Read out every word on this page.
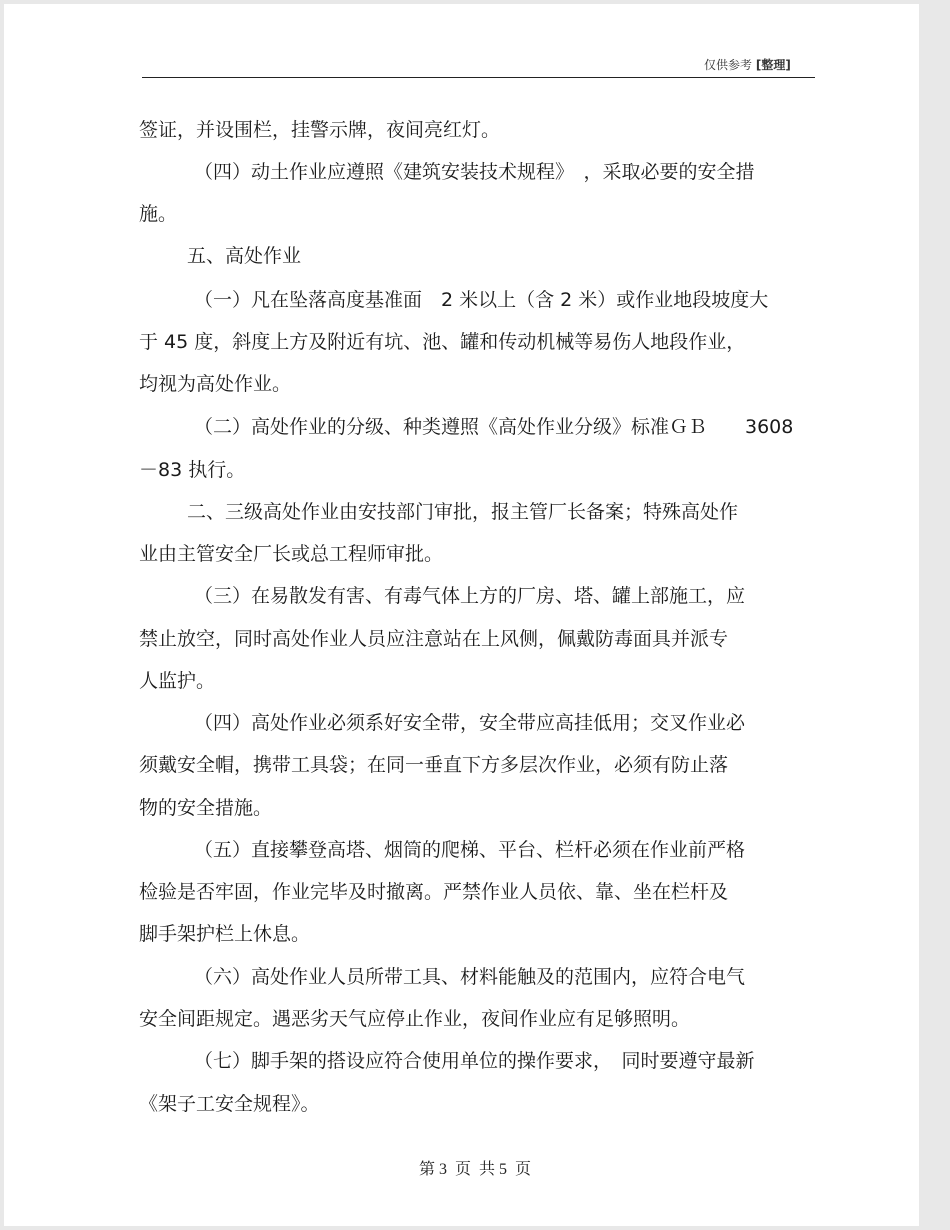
仅供参考 [整理]
签证，并设围栏，挂警示牌，夜间亮红灯。
（四）动土作业应遵照《建筑安装技术规程》　，采取必要的安全措
施。
五、高处作业
（一）凡在坠落高度基准面　2 米以上（含 2 米）或作业地段坡度大
于 45 度，斜度上方及附近有坑、池、罐和传动机械等易伤人地段作业，
均视为高处作业。
（二）高处作业的分级、种类遵照《高处作业分级》标准ＧＢ　　3608
－83 执行。
二、三级高处作业由安技部门审批，报主管厂长备案；特殊高处作
业由主管安全厂长或总工程师审批。
（三）在易散发有害、有毒气体上方的厂房、塔、罐上部施工，应
禁止放空，同时高处作业人员应注意站在上风侧，佩戴防毒面具并派专
人监护。
（四）高处作业必须系好安全带，安全带应高挂低用；交叉作业必
须戴安全帽，携带工具袋；在同一垂直下方多层次作业，必须有防止落
物的安全措施。
（五）直接攀登高塔、烟筒的爬梯、平台、栏杆必须在作业前严格
检验是否牢固，作业完毕及时撤离。严禁作业人员依、靠、坐在栏杆及
脚手架护栏上休息。
（六）高处作业人员所带工具、材料能触及的范围内，应符合电气
安全间距规定。遇恶劣天气应停止作业，夜间作业应有足够照明。
（七）脚手架的搭设应符合使用单位的操作要求，　同时要遵守最新
《架子工安全规程》。
第 3  页  共 5  页
